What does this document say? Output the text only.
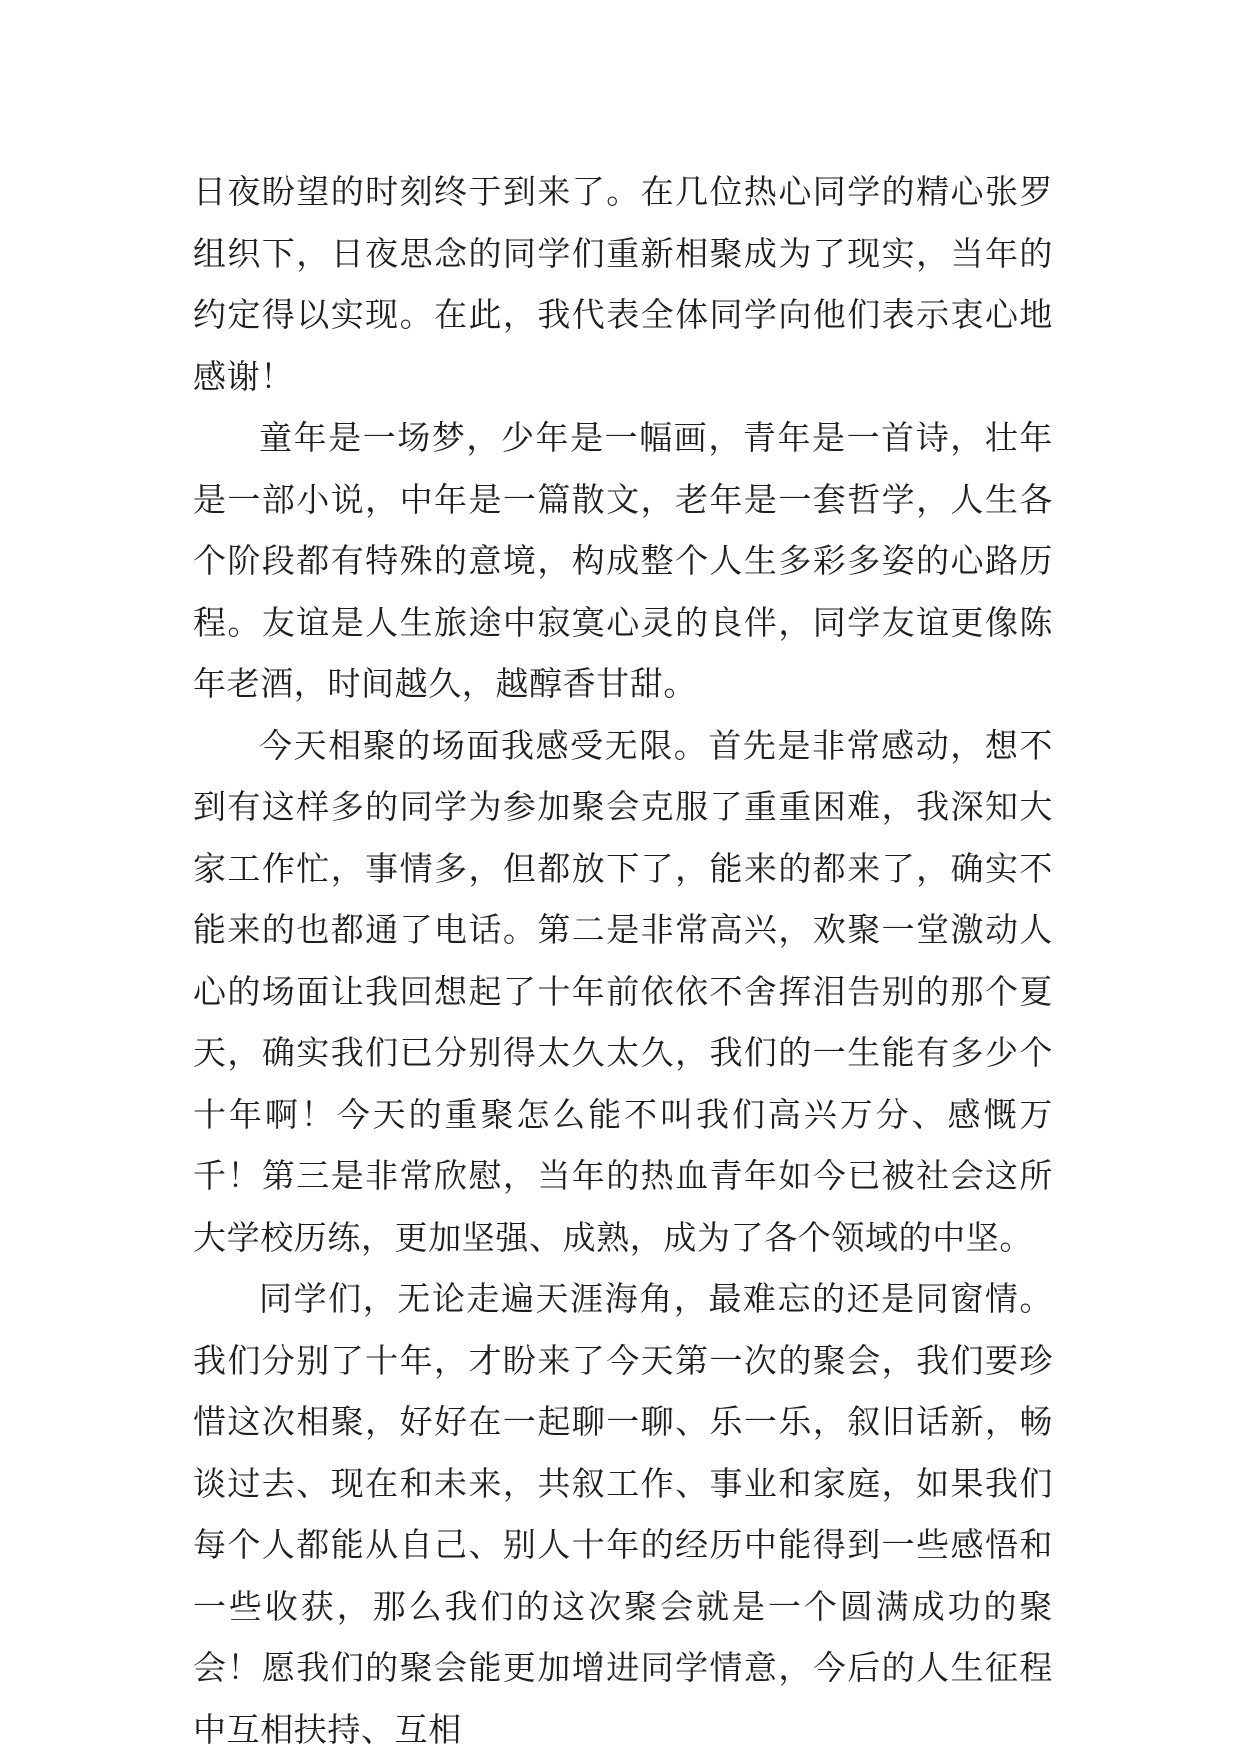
日夜盼望的时刻终于到来了。在几位热心同学的精心张罗组织下，日夜思念的同学们重新相聚成为了现实，当年的约定得以实现。在此，我代表全体同学向他们表示衷心地感谢！

童年是一场梦，少年是一幅画，青年是一首诗，壮年是一部小说，中年是一篇散文，老年是一套哲学，人生各个阶段都有特殊的意境，构成整个人生多彩多姿的心路历程。友谊是人生旅途中寂寞心灵的良伴，同学友谊更像陈年老酒，时间越久，越醇香甘甜。

今天相聚的场面我感受无限。首先是非常感动，想不到有这样多的同学为参加聚会克服了重重困难，我深知大家工作忙，事情多，但都放下了，能来的都来了，确实不能来的也都通了电话。第二是非常高兴，欢聚一堂激动人心的场面让我回想起了十年前依依不舍挥泪告别的那个夏天，确实我们已分别得太久太久，我们的一生能有多少个十年啊！今天的重聚怎么能不叫我们高兴万分、感慨万千！第三是非常欣慰，当年的热血青年如今已被社会这所大学校历练，更加坚强、成熟，成为了各个领域的中坚。

同学们，无论走遍天涯海角，最难忘的还是同窗情。我们分别了十年，才盼来了今天第一次的聚会，我们要珍惜这次相聚，好好在一起聊一聊、乐一乐，叙旧话新，畅谈过去、现在和未来，共叙工作、事业和家庭，如果我们每个人都能从自己、别人十年的经历中能得到一些感悟和一些收获，那么我们的这次聚会就是一个圆满成功的聚会！愿我们的聚会能更加增进同学情意，今后的人生征程中互相扶持、互相
